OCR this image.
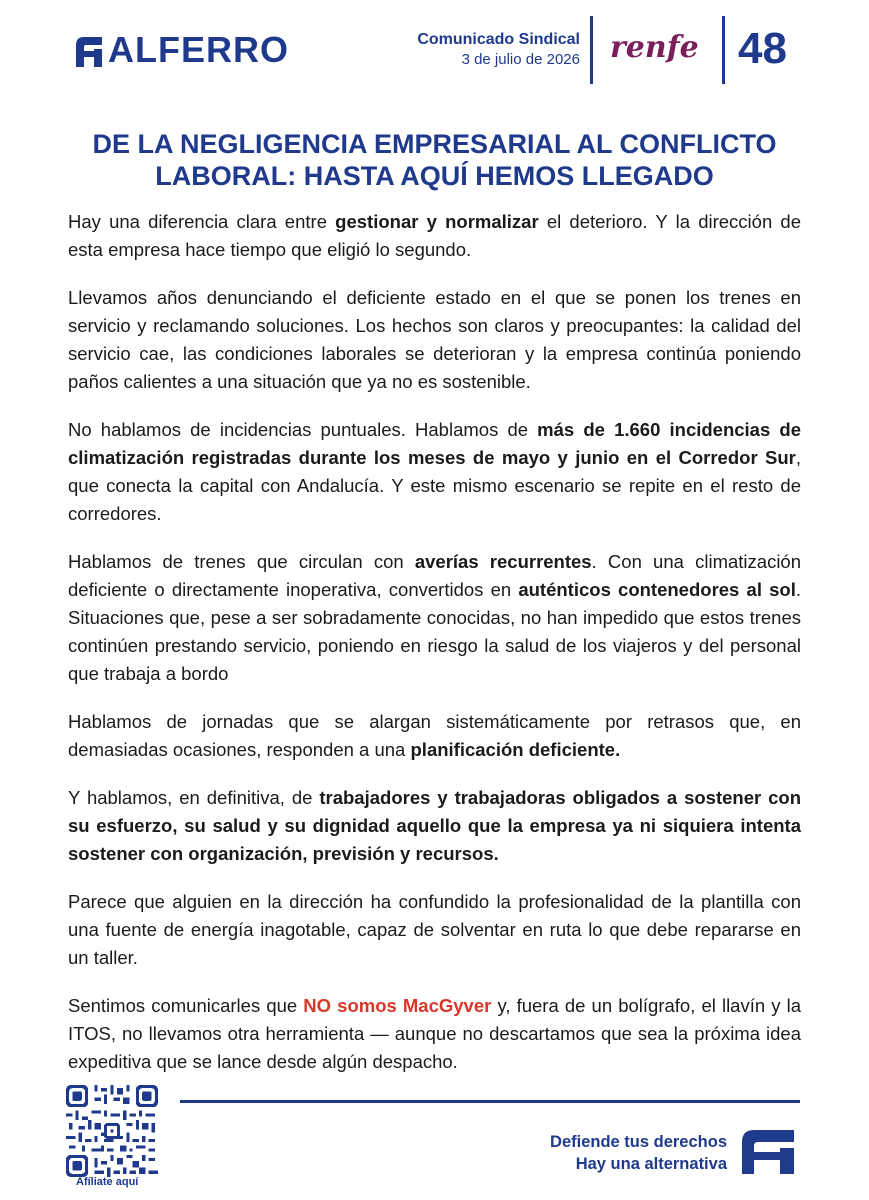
ALFERRO	Comunicado Sindical
3 de julio de 2026 renfe 48
DE LA NEGLIGENCIA EMPRESARIAL AL CONFLICTO
LABORAL: HASTA AQUÍ HEMOS LLEGADO

Hay una diferencia clara entre gestionar y normalizar el deterioro. Y la dirección de esta empresa hace tiempo que eligió lo segundo.

Llevamos años denunciando el deficiente estado en el que se ponen los trenes en servicio y reclamando soluciones. Los hechos son claros y preocupantes: la calidad del servicio cae, las condiciones laborales se deterioran y la empresa continúa poniendo paños calientes a una situación que ya no es sostenible.

No hablamos de incidencias puntuales. Hablamos de más de 1.660 incidencias de climatización registradas durante los meses de mayo y junio en el Corredor Sur, que conecta la capital con Andalucía. Y este mismo escenario se repite en el resto de corredores.

Hablamos de trenes que circulan con averías recurrentes. Con una climatización deficiente o directamente inoperativa, convertidos en auténticos contenedores al sol. Situaciones que, pese a ser sobradamente conocidas, no han impedido que estos trenes continúen prestando servicio, poniendo en riesgo la salud de los viajeros y del personal que trabaja a bordo

Hablamos de jornadas que se alargan sistemáticamente por retrasos que, en demasiadas ocasiones, responden a una planificación deficiente.

Y hablamos, en definitiva, de trabajadores y trabajadoras obligados a sostener con su esfuerzo, su salud y su dignidad aquello que la empresa ya ni siquiera intenta sostener con organización, previsión y recursos.

Parece que alguien en la dirección ha confundido la profesionalidad de la plantilla con una fuente de energía inagotable, capaz de solventar en ruta lo que debe repararse en un taller.

Sentimos comunicarles que NO somos MacGyver y, fuera de un bolígrafo, el llavín y la ITOS, no llevamos otra herramienta — aunque no descartamos que sea la próxima idea expeditiva que se lance desde algún despacho.

Afíliate aquí
Defiende tus derechos
Hay una alternativa
